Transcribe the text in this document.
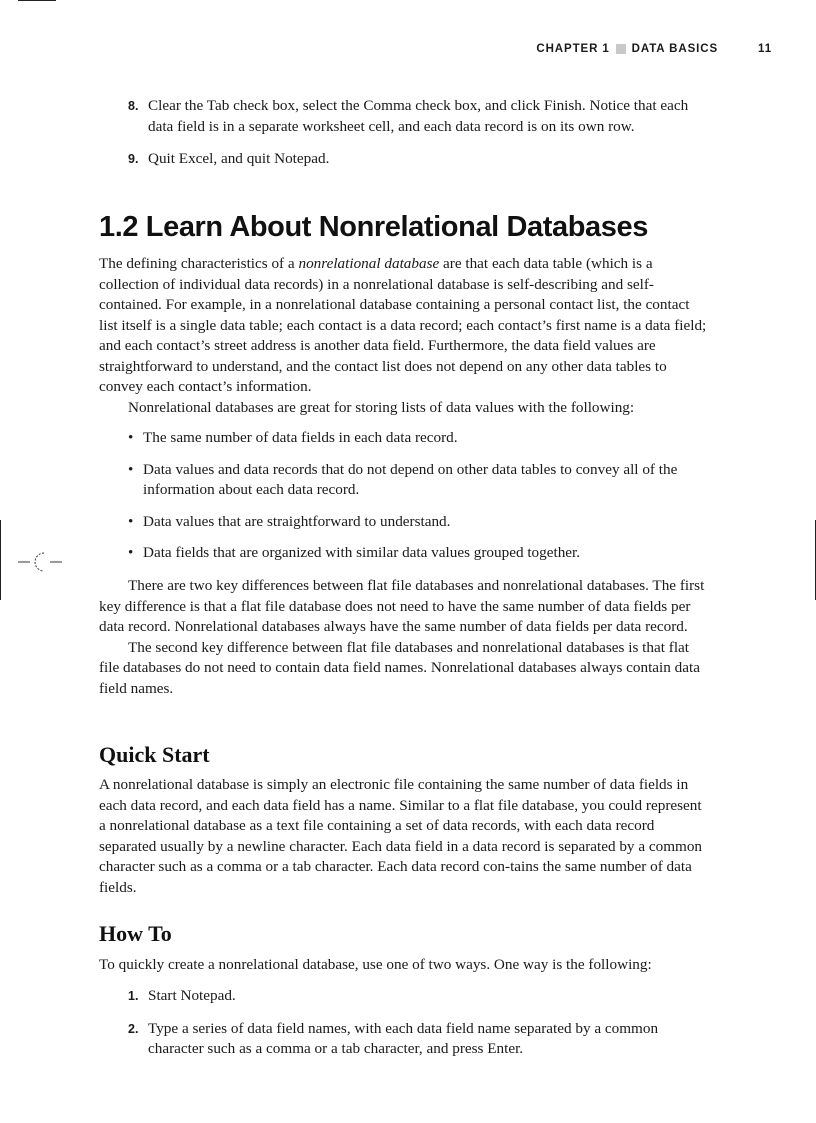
CHAPTER 1 DATA BASICS	11
8. Clear the Tab check box, select the Comma check box, and click Finish. Notice that each data field is in a separate worksheet cell, and each data record is on its own row.
9. Quit Excel, and quit Notepad.
1.2 Learn About Nonrelational Databases

The defining characteristics of a nonrelational database are that each data table (which is a collection of individual data records) in a nonrelational database is self-describing and self-contained. For example, in a nonrelational database containing a personal contact list, the contact list itself is a single data table; each contact is a data record; each contact’s first name is a data field; and each contact’s street address is another data field. Furthermore, the data field values are straightforward to understand, and the contact list does not depend on any other data tables to convey each contact’s information.

Nonrelational databases are great for storing lists of data values with the following:

• The same number of data fields in each data record.
• Data values and data records that do not depend on other data tables to convey all of the information about each data record.
• Data values that are straightforward to understand.
• Data fields that are organized with similar data values grouped together.

There are two key differences between flat file databases and nonrelational databases. The first key difference is that a flat file database does not need to have the same number of data fields per data record. Nonrelational databases always have the same number of data fields per data record.

The second key difference between flat file databases and nonrelational databases is that flat file databases do not need to contain data field names. Nonrelational databases always contain data field names.

Quick Start
A nonrelational database is simply an electronic file containing the same number of data fields in each data record, and each data field has a name. Similar to a flat file database, you could represent a nonrelational database as a text file containing a set of data records, with each data record separated usually by a newline character. Each data field in a data record is separated by a common character such as a comma or a tab character. Each data record con-tains the same number of data fields.
How To
To quickly create a nonrelational database, use one of two ways. One way is the following:
1. Start Notepad.
2. Type a series of data field names, with each data field name separated by a common character such as a comma or a tab character, and press Enter.
